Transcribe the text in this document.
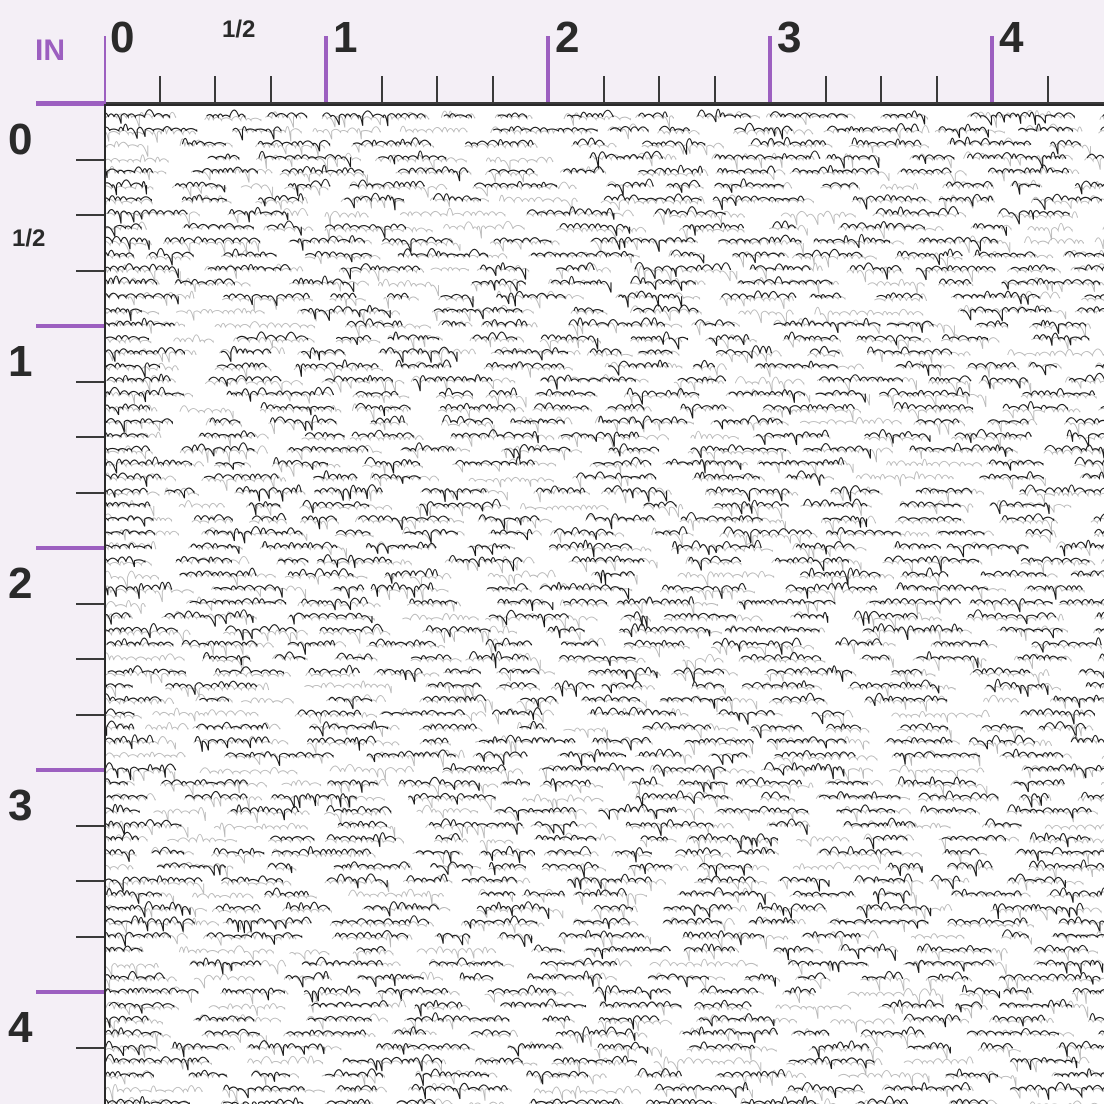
0	1/2 1	2	3	4
0
1/2
1
2
3
4
IN
